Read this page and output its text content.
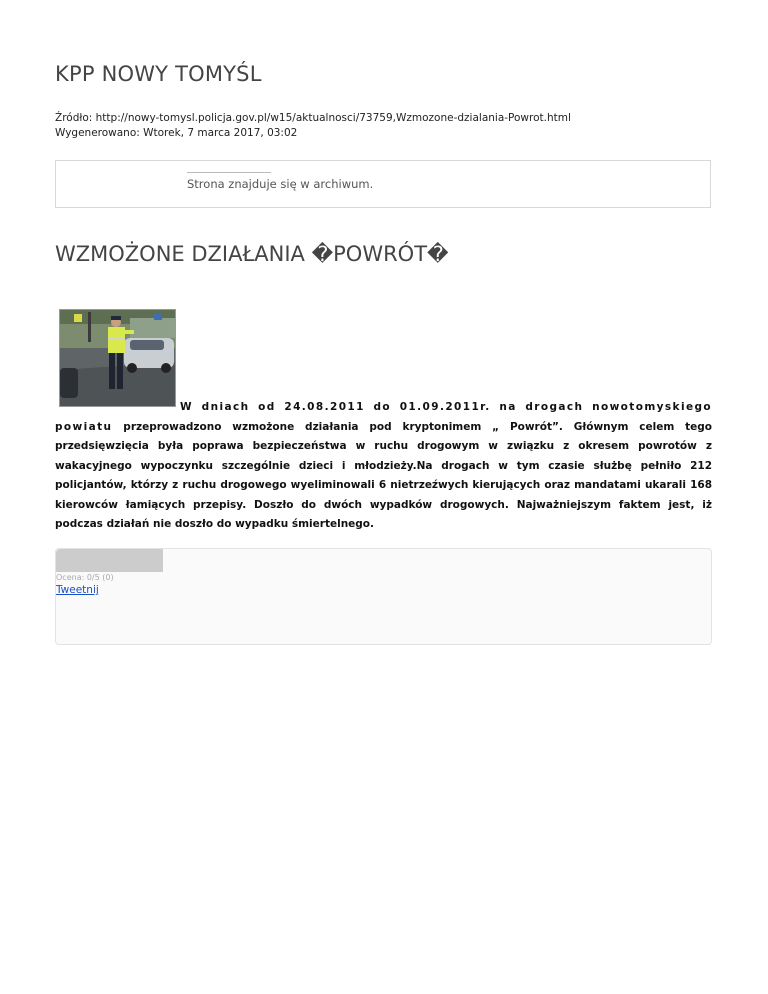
KPP NOWY TOMYŚL
Źródło: http://nowy-tomysl.policja.gov.pl/w15/aktualnosci/73759,Wzmozone-dzialania-Powrot.html
Wygenerowano: Wtorek, 7 marca 2017, 03:02
Strona znajduje się w archiwum.
WZMOŻONE DZIAŁANIA �POWRÓT�

W dniach od 24.08.2011 do 01.09.2011r. na drogach nowotomyskiego powiatu przeprowadzono wzmożone działania pod kryptonimem „ Powrót”. Głównym celem tego przedsięwzięcia była poprawa bezpieczeństwa w ruchu drogowym w związku z okresem powrotów z wakacyjnego wypoczynku szczególnie dzieci i młodzieży.Na drogach w tym czasie służbę pełniło 212 policjantów, którzy z ruchu drogowego wyeliminowali 6 nietrzeźwych kierujących oraz mandatami ukarali 168 kierowców łamiących przepisy. Doszło do dwóch wypadków drogowych. Najważniejszym faktem jest, iż podczas działań nie doszło do wypadku śmiertelnego.

Ocena: 0/5 (0)
Tweetnij
